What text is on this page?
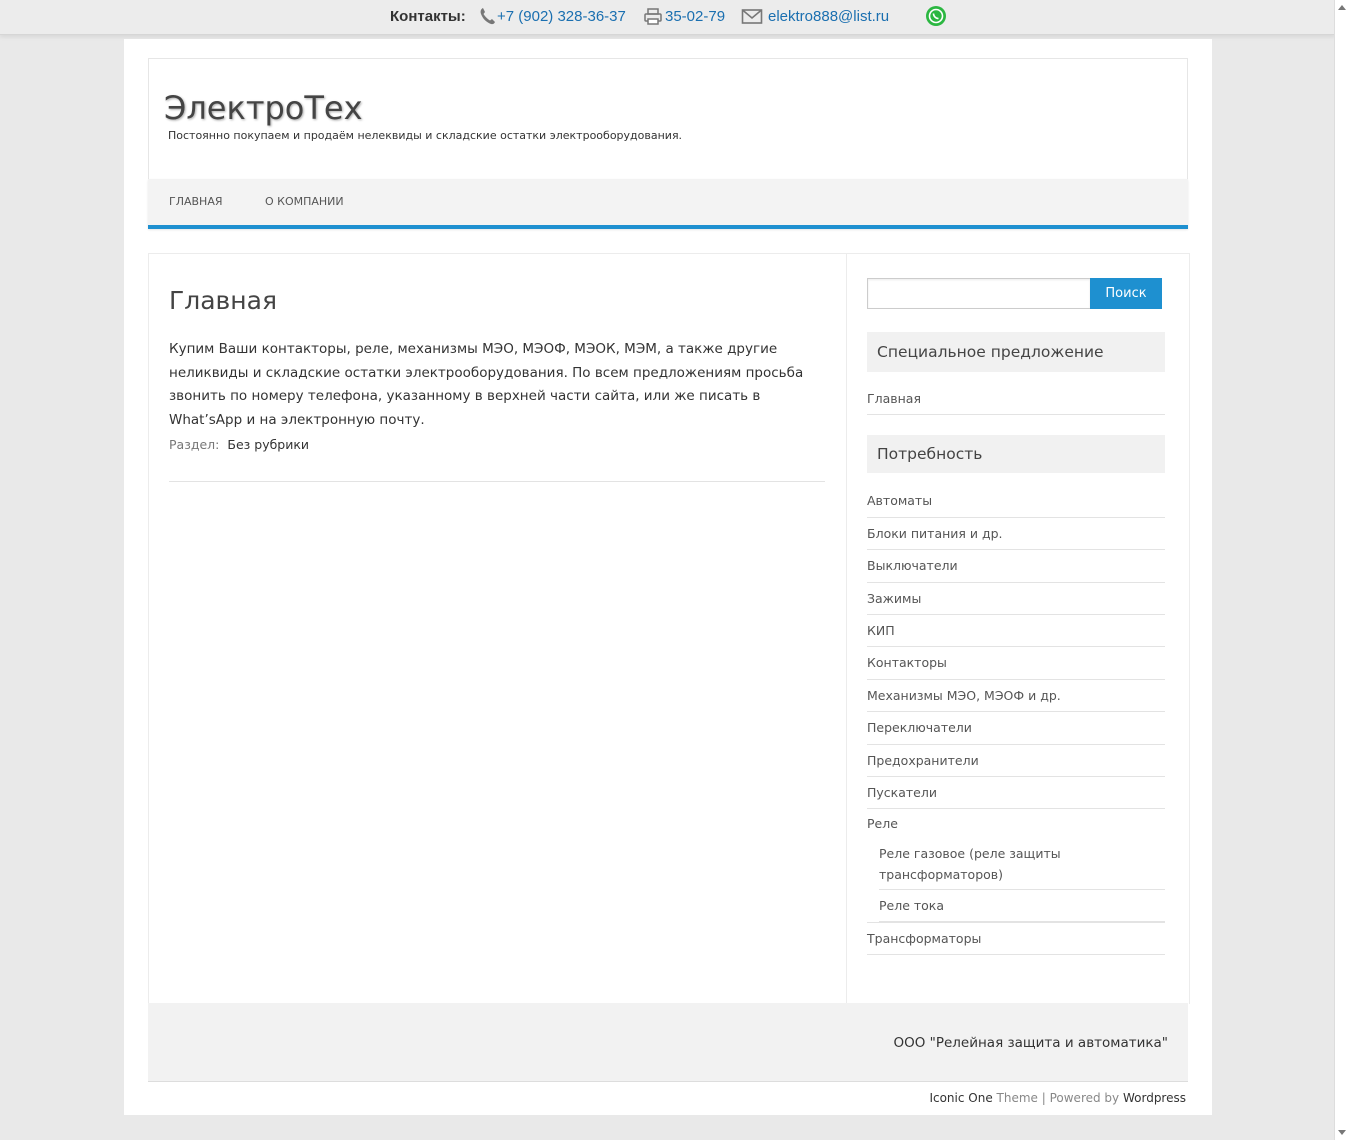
Контакты: +7 (902) 328-36-37	35-02-79	elektro888@list.ru
ЭлектроТех
Постоянно покупаем и продаём нелеквиды и складские остатки электрооборудования.
ГЛАВНАЯ	О КОМПАНИИ
Главная
Купим Ваши контакторы, реле, механизмы МЭО, МЭОФ, МЭОК, МЭМ, а также другие неликвиды и складские остатки электрооборудования. По всем предложениям просьба звонить по номеру телефона, указанному в верхней части сайта, или же писать в What’sApp и на электронную почту.
Раздел: Без рубрики
Поиск
Специальное предложение
Главная
Потребность
Автоматы
Блоки питания и др.
Выключатели
Зажимы
КИП
Контакторы
Механизмы МЭО, МЭОФ и др.
Переключатели
Предохранители
Пускатели
Реле
Реле газовое (реле защиты трансформаторов)
Реле тока
Трансформаторы
ООО "Релейная защита и автоматика"
Iconic One Theme | Powered by Wordpress
